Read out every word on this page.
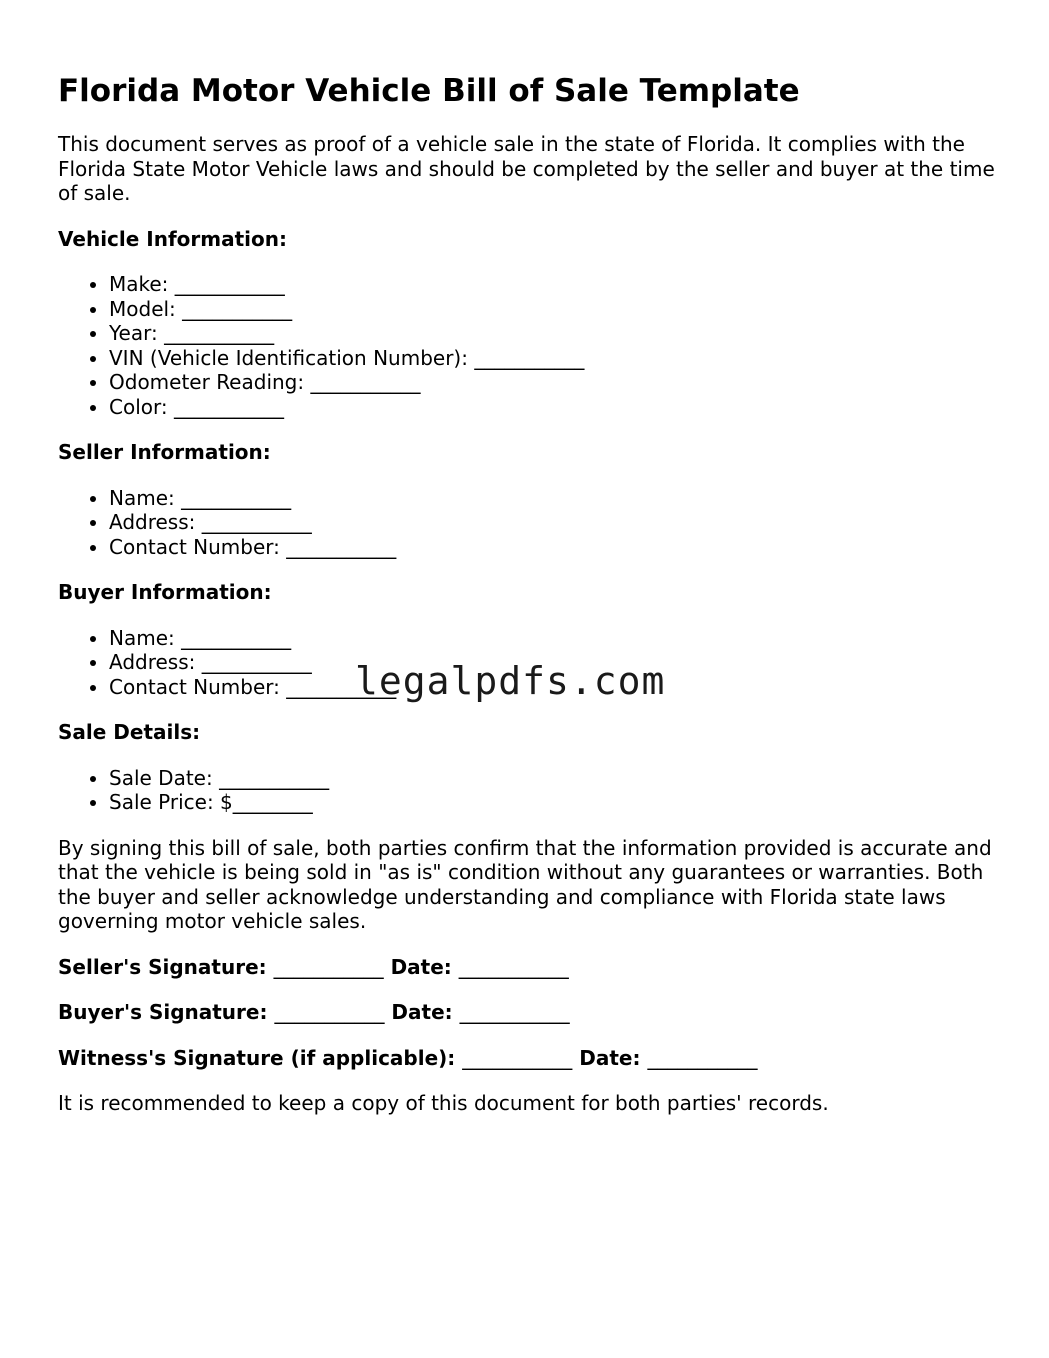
Florida Motor Vehicle Bill of Sale Template

This document serves as proof of a vehicle sale in the state of Florida. It complies with the Florida State Motor Vehicle laws and should be completed by the seller and buyer at the time of sale.

Vehicle Information:
• Make: ___________
• Model: ___________
• Year: ___________
• VIN (Vehicle Identification Number): ___________
• Odometer Reading: ___________
• Color: ___________
Seller Information:
• Name: ___________
• Address: ___________
• Contact Number: ___________
Buyer Information:
• Name: ___________
• Address: ___________
• Contact Number: ___________
Sale Details:
• Sale Date: ___________
• Sale Price: $________

By signing this bill of sale, both parties confirm that the information provided is accurate and that the vehicle is being sold in "as is" condition without any guarantees or warranties. Both the buyer and seller acknowledge understanding and compliance with Florida state laws governing motor vehicle sales.

Seller's Signature: ___________ Date: ___________
Buyer's Signature: ___________ Date: ___________
Witness's Signature (if applicable): ___________ Date: ___________

It is recommended to keep a copy of this document for both parties' records.

legalpdfs.com
